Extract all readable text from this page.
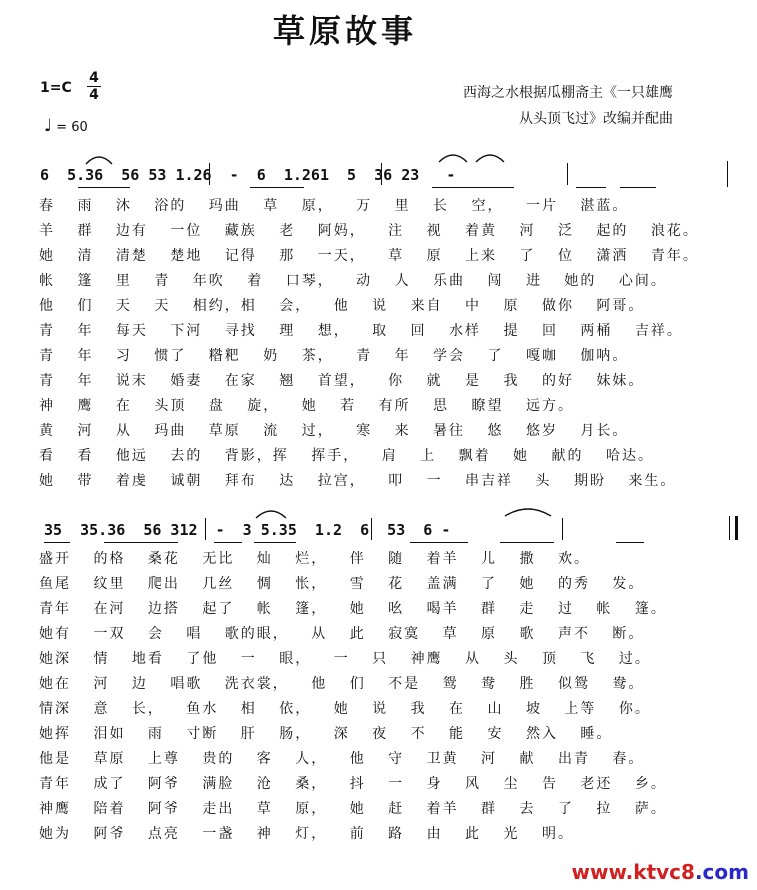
草原故事
1=C
4
4
♩ = 60
西海之水根据瓜棚斋主《一只雄鹰
从头顶飞过》改编并配曲
6  5.36  56 53 1.26  -  6  1.261  5  36 23   -
春 雨 沐 浴的 玛曲 草 原， 万 里 长 空， 一片 湛蓝。
羊 群 边有 一位 藏族 老 阿妈， 注 视 着黄 河 泛 起的 浪花。
她 清 清楚 楚地 记得 那 一天， 草 原 上来 了 位 潇洒 青年。
帐 篷 里 青 年吹 着 口琴， 动 人 乐曲 闯 进 她的 心间。
他 们 天 天 相约，相 会， 他 说 来自 中 原 做你 阿哥。
青 年 每天 下河 寻找 理 想， 取 回 水样 提 回 两桶 吉祥。
青 年 习 惯了 糌粑 奶 茶， 青 年 学会 了 嘎咖 伽呐。
青 年 说末 婚妻 在家 翘 首望， 你 就 是 我 的好 妹妹。
神 鹰 在 头顶 盘 旋， 她 若 有所 思 瞭望 远方。
黄 河 从 玛曲 草原 流 过， 寒 来 暑往 悠 悠岁 月长。
看 看 他远 去的 背影，挥 挥手， 肩 上 飘着 她 献的 哈达。
她 带 着虔 诚朝 拜布 达 拉宫， 叩 一 串吉祥 头 期盼 来生。
35  35.36  56 312  -  3 5.35  1.2  6  53  6 -
盛开 的格 桑花 无比 灿 烂， 伴 随 着羊 儿 撒 欢。
鱼尾 纹里 爬出 几丝 惆 怅， 雪 花 盖满 了 她 的秀 发。
青年 在河 边搭 起了 帐 篷， 她 吆 喝羊 群 走 过 帐 篷。
她有 一双 会 唱 歌的眼， 从 此 寂寞 草 原 歌 声不 断。
她深 情 地看 了他 一 眼， 一 只 神鹰 从 头 顶 飞 过。
她在 河 边 唱歌 洗衣裳， 他 们 不是 鸳 鸯 胜 似鸳 鸯。
情深 意 长， 鱼水 相 依， 她 说 我 在 山 坡 上等 你。
她挥 泪如 雨 寸断 肝 肠， 深 夜 不 能 安 然入 睡。
他是 草原 上尊 贵的 客 人， 他 守 卫黄 河 献 出青 春。
青年 成了 阿爷 满脸 沧 桑， 抖 一 身 风 尘 告 老还 乡。
神鹰 陪着 阿爷 走出 草 原， 她 赶 着羊 群 去 了 拉 萨。
她为 阿爷 点亮 一盏 神 灯， 前 路 由 此 光 明。
www.ktvc8.com
